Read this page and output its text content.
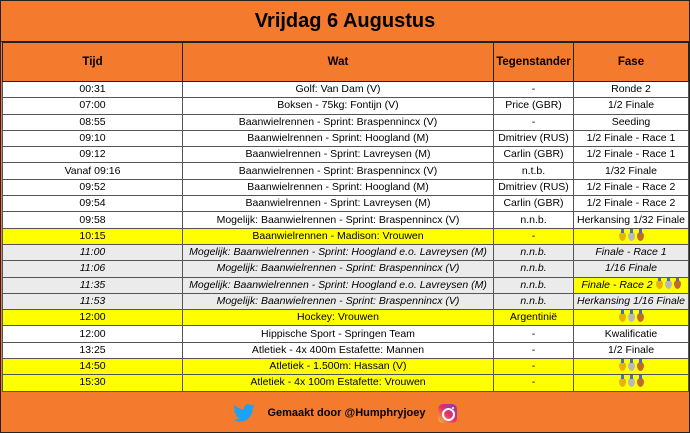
Vrijdag 6 Augustus
Tijd	Wat	Tegenstander	Fase
00:31	Golf: Van Dam (V)	-	Ronde 2
07:00	Boksen - 75kg: Fontijn (V)	Price (GBR)	1/2 Finale
08:55	Baanwielrennen - Sprint: Braspennincx (V)	-	Seeding
09:10	Baanwielrennen - Sprint: Hoogland (M)	Dmitriev (RUS)	1/2 Finale - Race 1
09:12	Baanwielrennen - Sprint: Lavreysen (M)	Carlin (GBR)	1/2 Finale - Race 1
Vanaf 09:16	Baanwielrennen - Sprint: Braspennincx (V)	n.t.b.	1/32 Finale
09:52	Baanwielrennen - Sprint: Hoogland (M)	Dmitriev (RUS)	1/2 Finale - Race 2
09:54	Baanwielrennen - Sprint: Lavreysen (M)	Carlin (GBR)	1/2 Finale - Race 2
09:58	Mogelijk: Baanwielrennen - Sprint: Braspennincx (V)	n.n.b.	Herkansing 1/32 Finale
10:15	Baanwielrennen - Madison: Vrouwen	-	

11:00	Mogelijk: Baanwielrennen - Sprint: Hoogland e.o. Lavreysen (M)	n.n.b.	Finale - Race 1
11:06	Mogelijk: Baanwielrennen - Sprint: Braspennincx (V)	n.n.b.	1/16 Finale
11:35	Mogelijk: Baanwielrennen - Sprint: Hoogland e.o. Lavreysen (M)	n.n.b.	Finale - Race 2

11:53	Mogelijk: Baanwielrennen - Sprint: Braspennincx (V)	n.n.b.	Herkansing 1/16 Finale
12:00	Hockey: Vrouwen	Argentinië	

12:00	Hippische Sport - Springen Team	-	Kwalificatie
13:25	Atletiek - 4x 400m Estafette: Mannen	-	1/2 Finale
14:50	Atletiek - 1.500m: Hassan (V)	-	

15:30	Atletiek - 4x 100m Estafette: Vrouwen	-	
Gemaakt door @Humphryjoey
